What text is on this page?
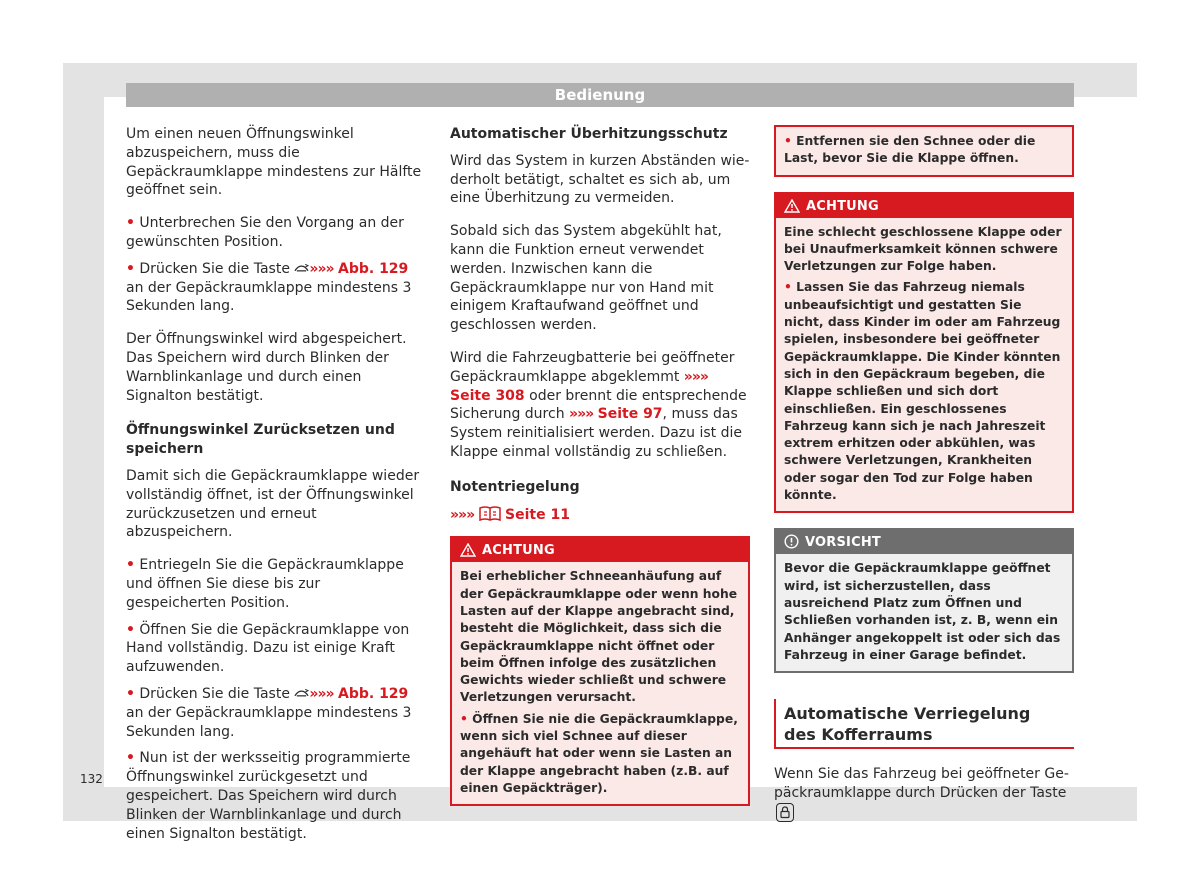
Bedienung

Um einen neuen Öffnungswinkel abzuspeichern, muss die Gepäckraumklappe mindestens zur Hälfte geöffnet sein.

• Unterbrechen Sie den Vorgang an der gewünschten Position.

• Drücken Sie die Taste »»» Abb. 129 an der Gepäckraumklappe mindestens 3 Sekunden lang.

Der Öffnungswinkel wird abgespeichert. Das Speichern wird durch Blinken der Warnblinkanlage und durch einen Signalton bestätigt.

Öffnungswinkel Zurücksetzen und speichern

Damit sich die Gepäckraumklappe wieder vollständig öffnet, ist der Öffnungswinkel zurückzusetzen und erneut abzuspeichern.

• Entriegeln Sie die Gepäckraumklappe und öffnen Sie diese bis zur gespeicherten Position.

• Öffnen Sie die Gepäckraumklappe von Hand vollständig. Dazu ist einige Kraft aufzuwenden.

• Drücken Sie die Taste »»» Abb. 129 an der Gepäckraumklappe mindestens 3 Sekunden lang.

• Nun ist der werksseitig programmierte Öffnungswinkel zurückgesetzt und gespeichert. Das Speichern wird durch Blinken der Warnblinkanlage und durch einen Signalton bestätigt.

Automatischer Überhitzungsschutz

Wird das System in kurzen Abständen wiederholt betätigt, schaltet es sich ab, um eine Überhitzung zu vermeiden.

Sobald sich das System abgekühlt hat, kann die Funktion erneut verwendet werden. Inzwischen kann die Gepäckraumklappe nur von Hand mit einigem Kraftaufwand geöffnet und geschlossen werden.

Wird die Fahrzeugbatterie bei geöffneter Gepäckraumklappe abgeklemmt »»» Seite 308 oder brennt die entsprechende Sicherung durch »»» Seite 97, muss das System reinitialisiert werden. Dazu ist die Klappe einmal vollständig zu schließen.

Notentriegelung

»»» Seite 11

ACHTUNG

Bei erheblicher Schneeanhäufung auf der Gepäckraumklappe oder wenn hohe Lasten auf der Klappe angebracht sind, besteht die Möglichkeit, dass sich die Gepäckraumklappe nicht öffnet oder beim Öffnen infolge des zusätzlichen Gewichts wieder schließt und schwere Verletzungen verursacht.

• Öffnen Sie nie die Gepäckraumklappe, wenn sich viel Schnee auf dieser angehäuft hat oder wenn sie Lasten an der Klappe angebracht haben (z.B. auf einen Gepäckträger).

• Entfernen sie den Schnee oder die Last, bevor Sie die Klappe öffnen.

ACHTUNG

Eine schlecht geschlossene Klappe oder bei Unaufmerksamkeit können schwere Verletzungen zur Folge haben.

• Lassen Sie das Fahrzeug niemals unbeaufsichtigt und gestatten Sie nicht, dass Kinder im oder am Fahrzeug spielen, insbesondere bei geöffneter Gepäckraumklappe. Die Kinder könnten sich in den Gepäckraum begeben, die Klappe schließen und sich dort einschließen. Ein geschlossenes Fahrzeug kann sich je nach Jahreszeit extrem erhitzen oder abkühlen, was schwere Verletzungen, Krankheiten oder sogar den Tod zur Folge haben könnte.

VORSICHT

Bevor die Gepäckraumklappe geöffnet wird, ist sicherzustellen, dass ausreichend Platz zum Öffnen und Schließen vorhanden ist, z. B, wenn ein Anhänger angekoppelt ist oder sich das Fahrzeug in einer Garage befindet.

Automatische Verriegelung des Kofferraums

Wenn Sie das Fahrzeug bei geöffneter Gepäckraumklappe durch Drücken der Taste

132
